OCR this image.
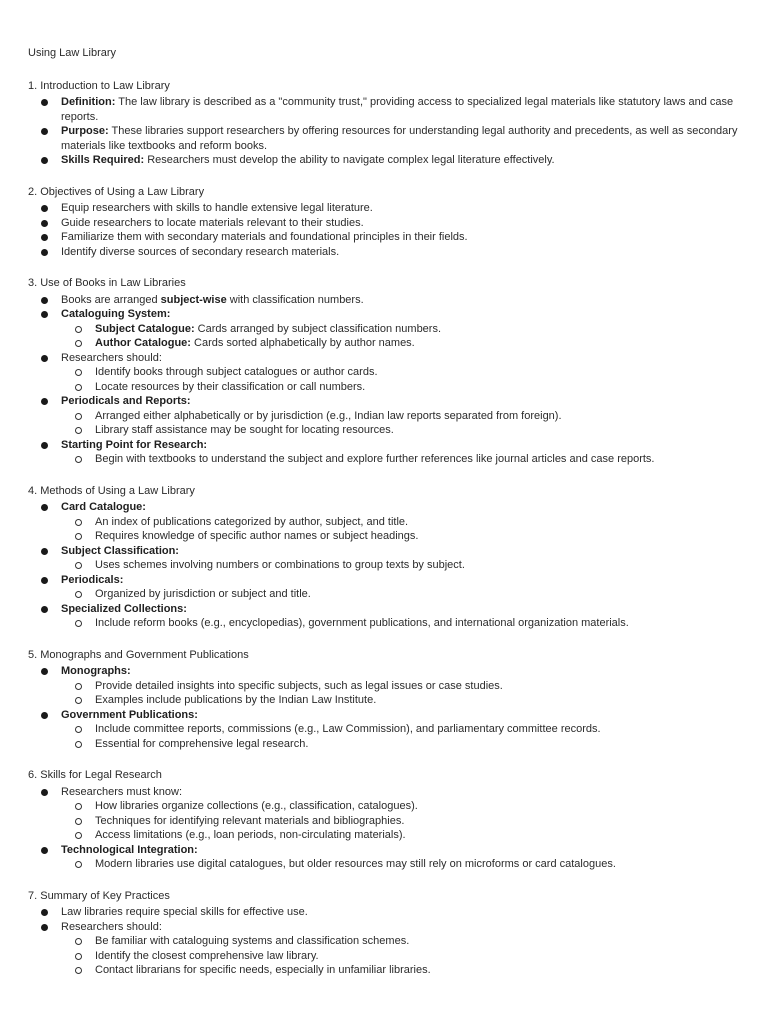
Using Law Library
1. Introduction to Law Library
Definition: The law library is described as a "community trust," providing access to specialized legal materials like statutory laws and case reports.
Purpose: These libraries support researchers by offering resources for understanding legal authority and precedents, as well as secondary materials like textbooks and reform books.
Skills Required: Researchers must develop the ability to navigate complex legal literature effectively.
2. Objectives of Using a Law Library
Equip researchers with skills to handle extensive legal literature.
Guide researchers to locate materials relevant to their studies.
Familiarize them with secondary materials and foundational principles in their fields.
Identify diverse sources of secondary research materials.
3. Use of Books in Law Libraries
Books are arranged subject-wise with classification numbers.
Cataloguing System:
Subject Catalogue: Cards arranged by subject classification numbers.
Author Catalogue: Cards sorted alphabetically by author names.
Researchers should:
Identify books through subject catalogues or author cards.
Locate resources by their classification or call numbers.
Periodicals and Reports:
Arranged either alphabetically or by jurisdiction (e.g., Indian law reports separated from foreign).
Library staff assistance may be sought for locating resources.
Starting Point for Research:
Begin with textbooks to understand the subject and explore further references like journal articles and case reports.
4. Methods of Using a Law Library
Card Catalogue:
An index of publications categorized by author, subject, and title.
Requires knowledge of specific author names or subject headings.
Subject Classification:
Uses schemes involving numbers or combinations to group texts by subject.
Periodicals:
Organized by jurisdiction or subject and title.
Specialized Collections:
Include reform books (e.g., encyclopedias), government publications, and international organization materials.
5. Monographs and Government Publications
Monographs:
Provide detailed insights into specific subjects, such as legal issues or case studies.
Examples include publications by the Indian Law Institute.
Government Publications:
Include committee reports, commissions (e.g., Law Commission), and parliamentary committee records.
Essential for comprehensive legal research.
6. Skills for Legal Research
Researchers must know:
How libraries organize collections (e.g., classification, catalogues).
Techniques for identifying relevant materials and bibliographies.
Access limitations (e.g., loan periods, non-circulating materials).
Technological Integration:
Modern libraries use digital catalogues, but older resources may still rely on microforms or card catalogues.
7. Summary of Key Practices
Law libraries require special skills for effective use.
Researchers should:
Be familiar with cataloguing systems and classification schemes.
Identify the closest comprehensive law library.
Contact librarians for specific needs, especially in unfamiliar libraries.
